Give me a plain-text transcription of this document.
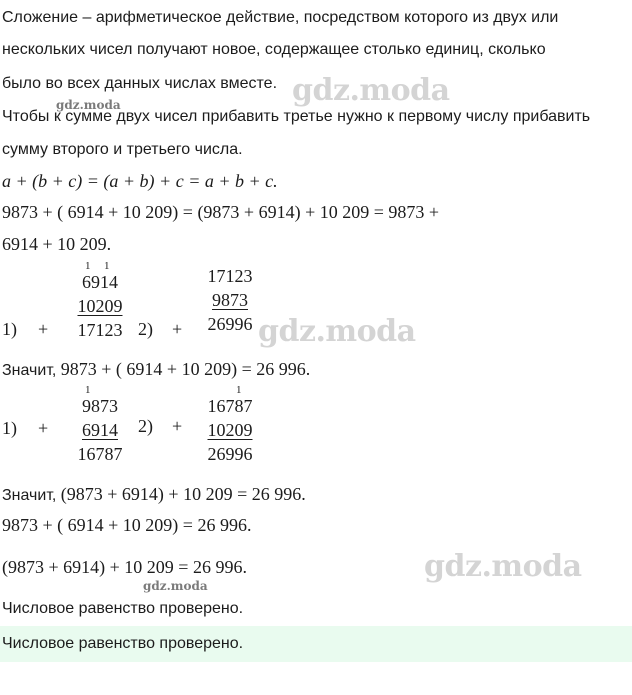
Сложение – арифметическое действие, посредством которого из двух или
нескольких чисел получают новое, содержащее столько единиц, сколько
было во всех данных числах вместе.
Чтобы к сумме двух чисел прибавить третье нужно к первому числу прибавить
сумму второго и третьего числа.
a + (b + c) = (a + b) + c = a + b + c.
9873 + ( 6914 + 10 209) = (9873 + 6914) + 10 209 = 9873 +
6914 + 10 209.
1) +
1 1
6914
10209
17123 2) +
17123
9873
26996
Значит, 9873 + ( 6914 + 10 209) = 26 996.
1) +
1
9873
6914
16787
2) +
1
16787
10209
26996
Значит, (9873 + 6914) + 10 209 = 26 996.
9873 + ( 6914 + 10 209) = 26 996.
(9873 + 6914) + 10 209 = 26 996.
Числовое равенство проверено.
Числовое равенство проверено.
gdz.moda
gdz.moda
gdz.moda
gdz.moda
gdz.moda
